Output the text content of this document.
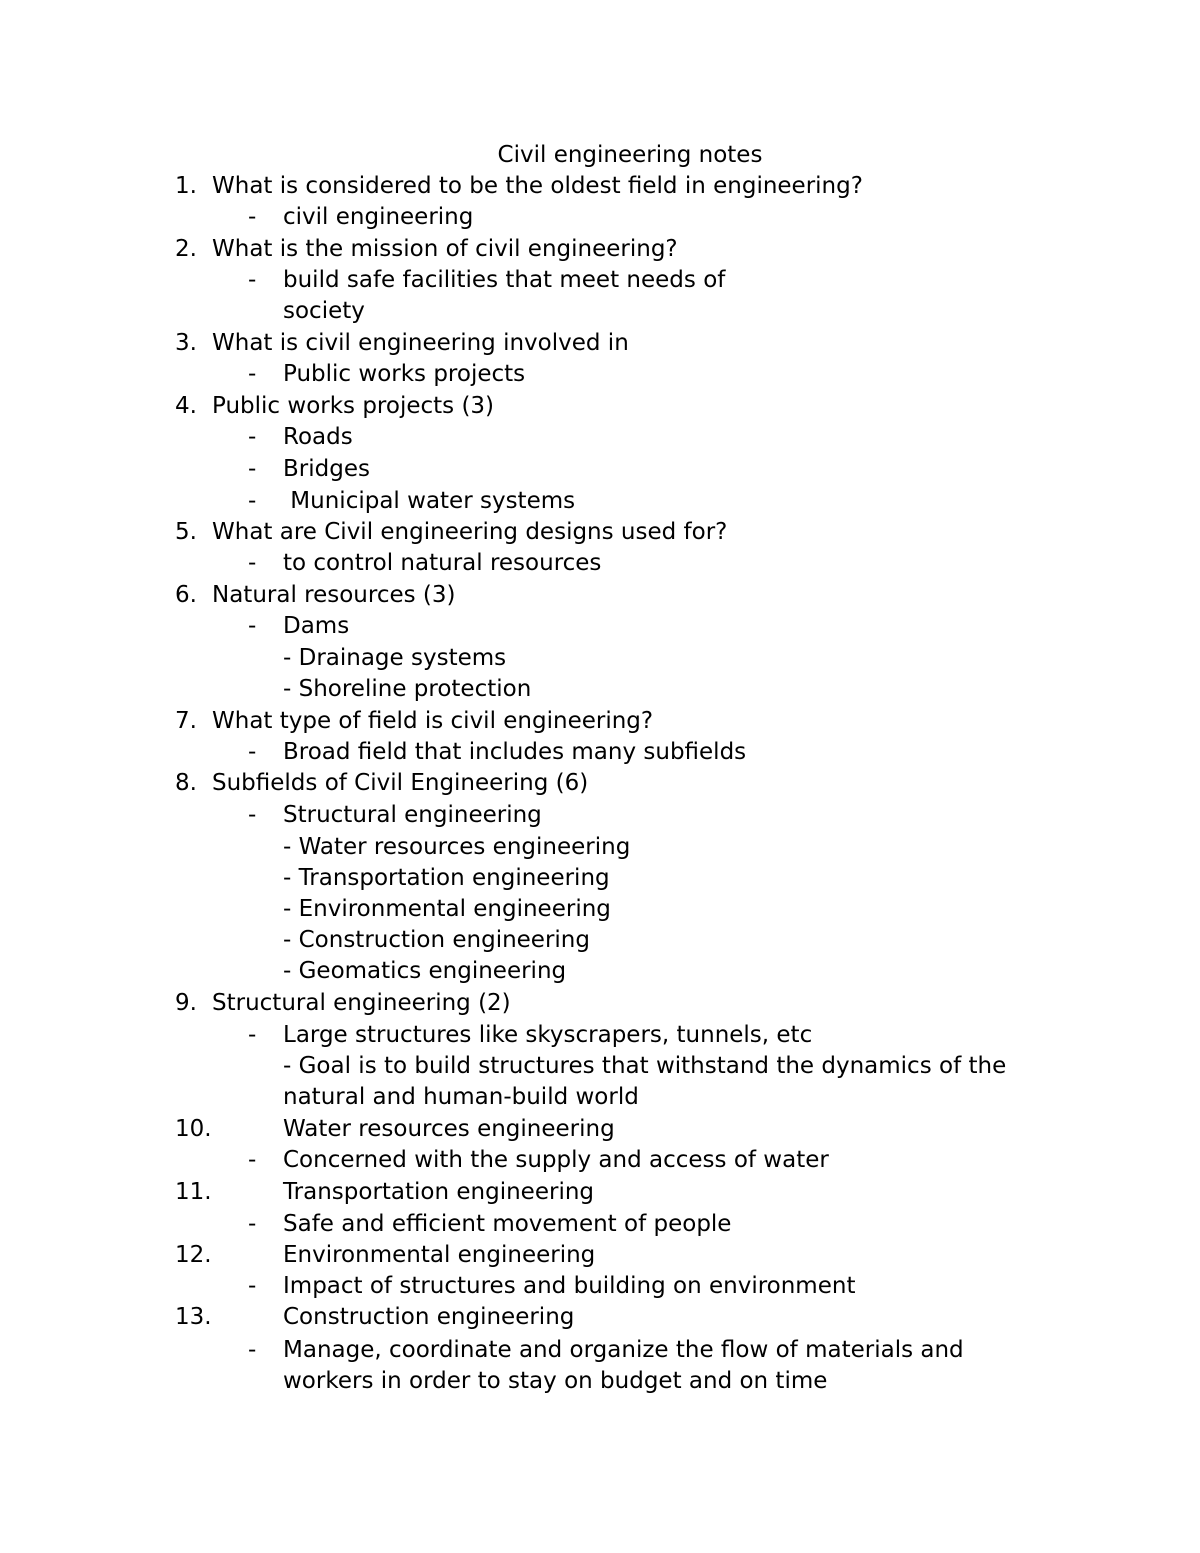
Civil engineering notes
1. What is considered to be the oldest field in engineering?
- civil engineering
2. What is the mission of civil engineering?
- build safe facilities that meet needs of
society
3. What is civil engineering involved in
- Public works projects
4. Public works projects (3)
- Roads
- Bridges
- Municipal water systems
5. What are Civil engineering designs used for?
- to control natural resources
6. Natural resources (3)
- Dams
- Drainage systems
- Shoreline protection
7. What type of field is civil engineering?
- Broad field that includes many subfields
8. Subfields of Civil Engineering (6)
- Structural engineering
- Water resources engineering
- Transportation engineering
- Environmental engineering
- Construction engineering
- Geomatics engineering
9. Structural engineering (2)
- Large structures like skyscrapers, tunnels, etc
- Goal is to build structures that withstand the dynamics of the
natural and human-build world
10.	Water resources engineering
- Concerned with the supply and access of water
11.	Transportation engineering
- Safe and efficient movement of people
12.	Environmental engineering
- Impact of structures and building on environment
13.	Construction engineering
- Manage, coordinate and organize the flow of materials and
workers in order to stay on budget and on time
